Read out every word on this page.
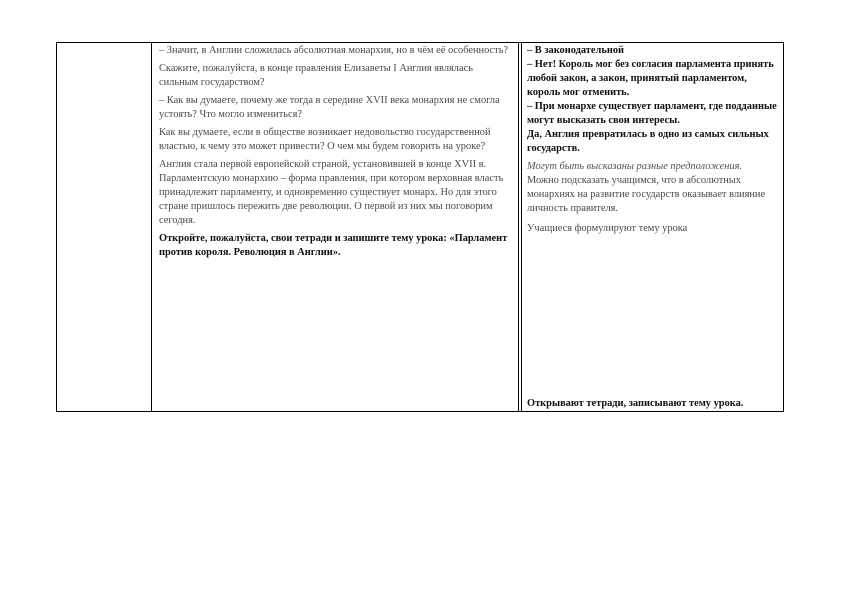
– Значит, в Англии сложилась абсолютная монархия, но в чём её особенность?

Скажите, пожалуйста, в конце правления Елизаветы I Англия являлась сильным государством?

– Как вы думаете, почему же тогда в середине XVII века монархия не смогла устоять? Что могло измениться?

Как вы думаете, если в обществе возникает недовольство государственной властью, к чему это может привести? О чем мы будем говорить на уроке?

Англия стала первой европейской страной, установившей в конце XVII в. Парламентскую монархию – форма правления, при котором верховная власть принадлежит парламенту, и одновременно существует монарх. Но для этого стране пришлось пережить две революции. О первой из них мы поговорим сегодня.

Откройте, пожалуйста, свои тетради и запишите тему урока: «Парламент против короля. Революция в Англии».

– В законодательной

– Нет! Король мог без согласия парламента принять любой закон, а закон, принятый парламентом, король мог отменить.

– При монархе существует парламент, где подданные могут высказать свои интересы.

Да, Англия превратилась в одно из самых сильных государств.

Могут быть высказаны разные предположения.

Можно подсказать учащимся, что в абсолютных монархиях на развитие государств оказывает влияние личность правителя.

Учащиеся формулируют тему урока

Открывают тетради, записывают тему урока.
